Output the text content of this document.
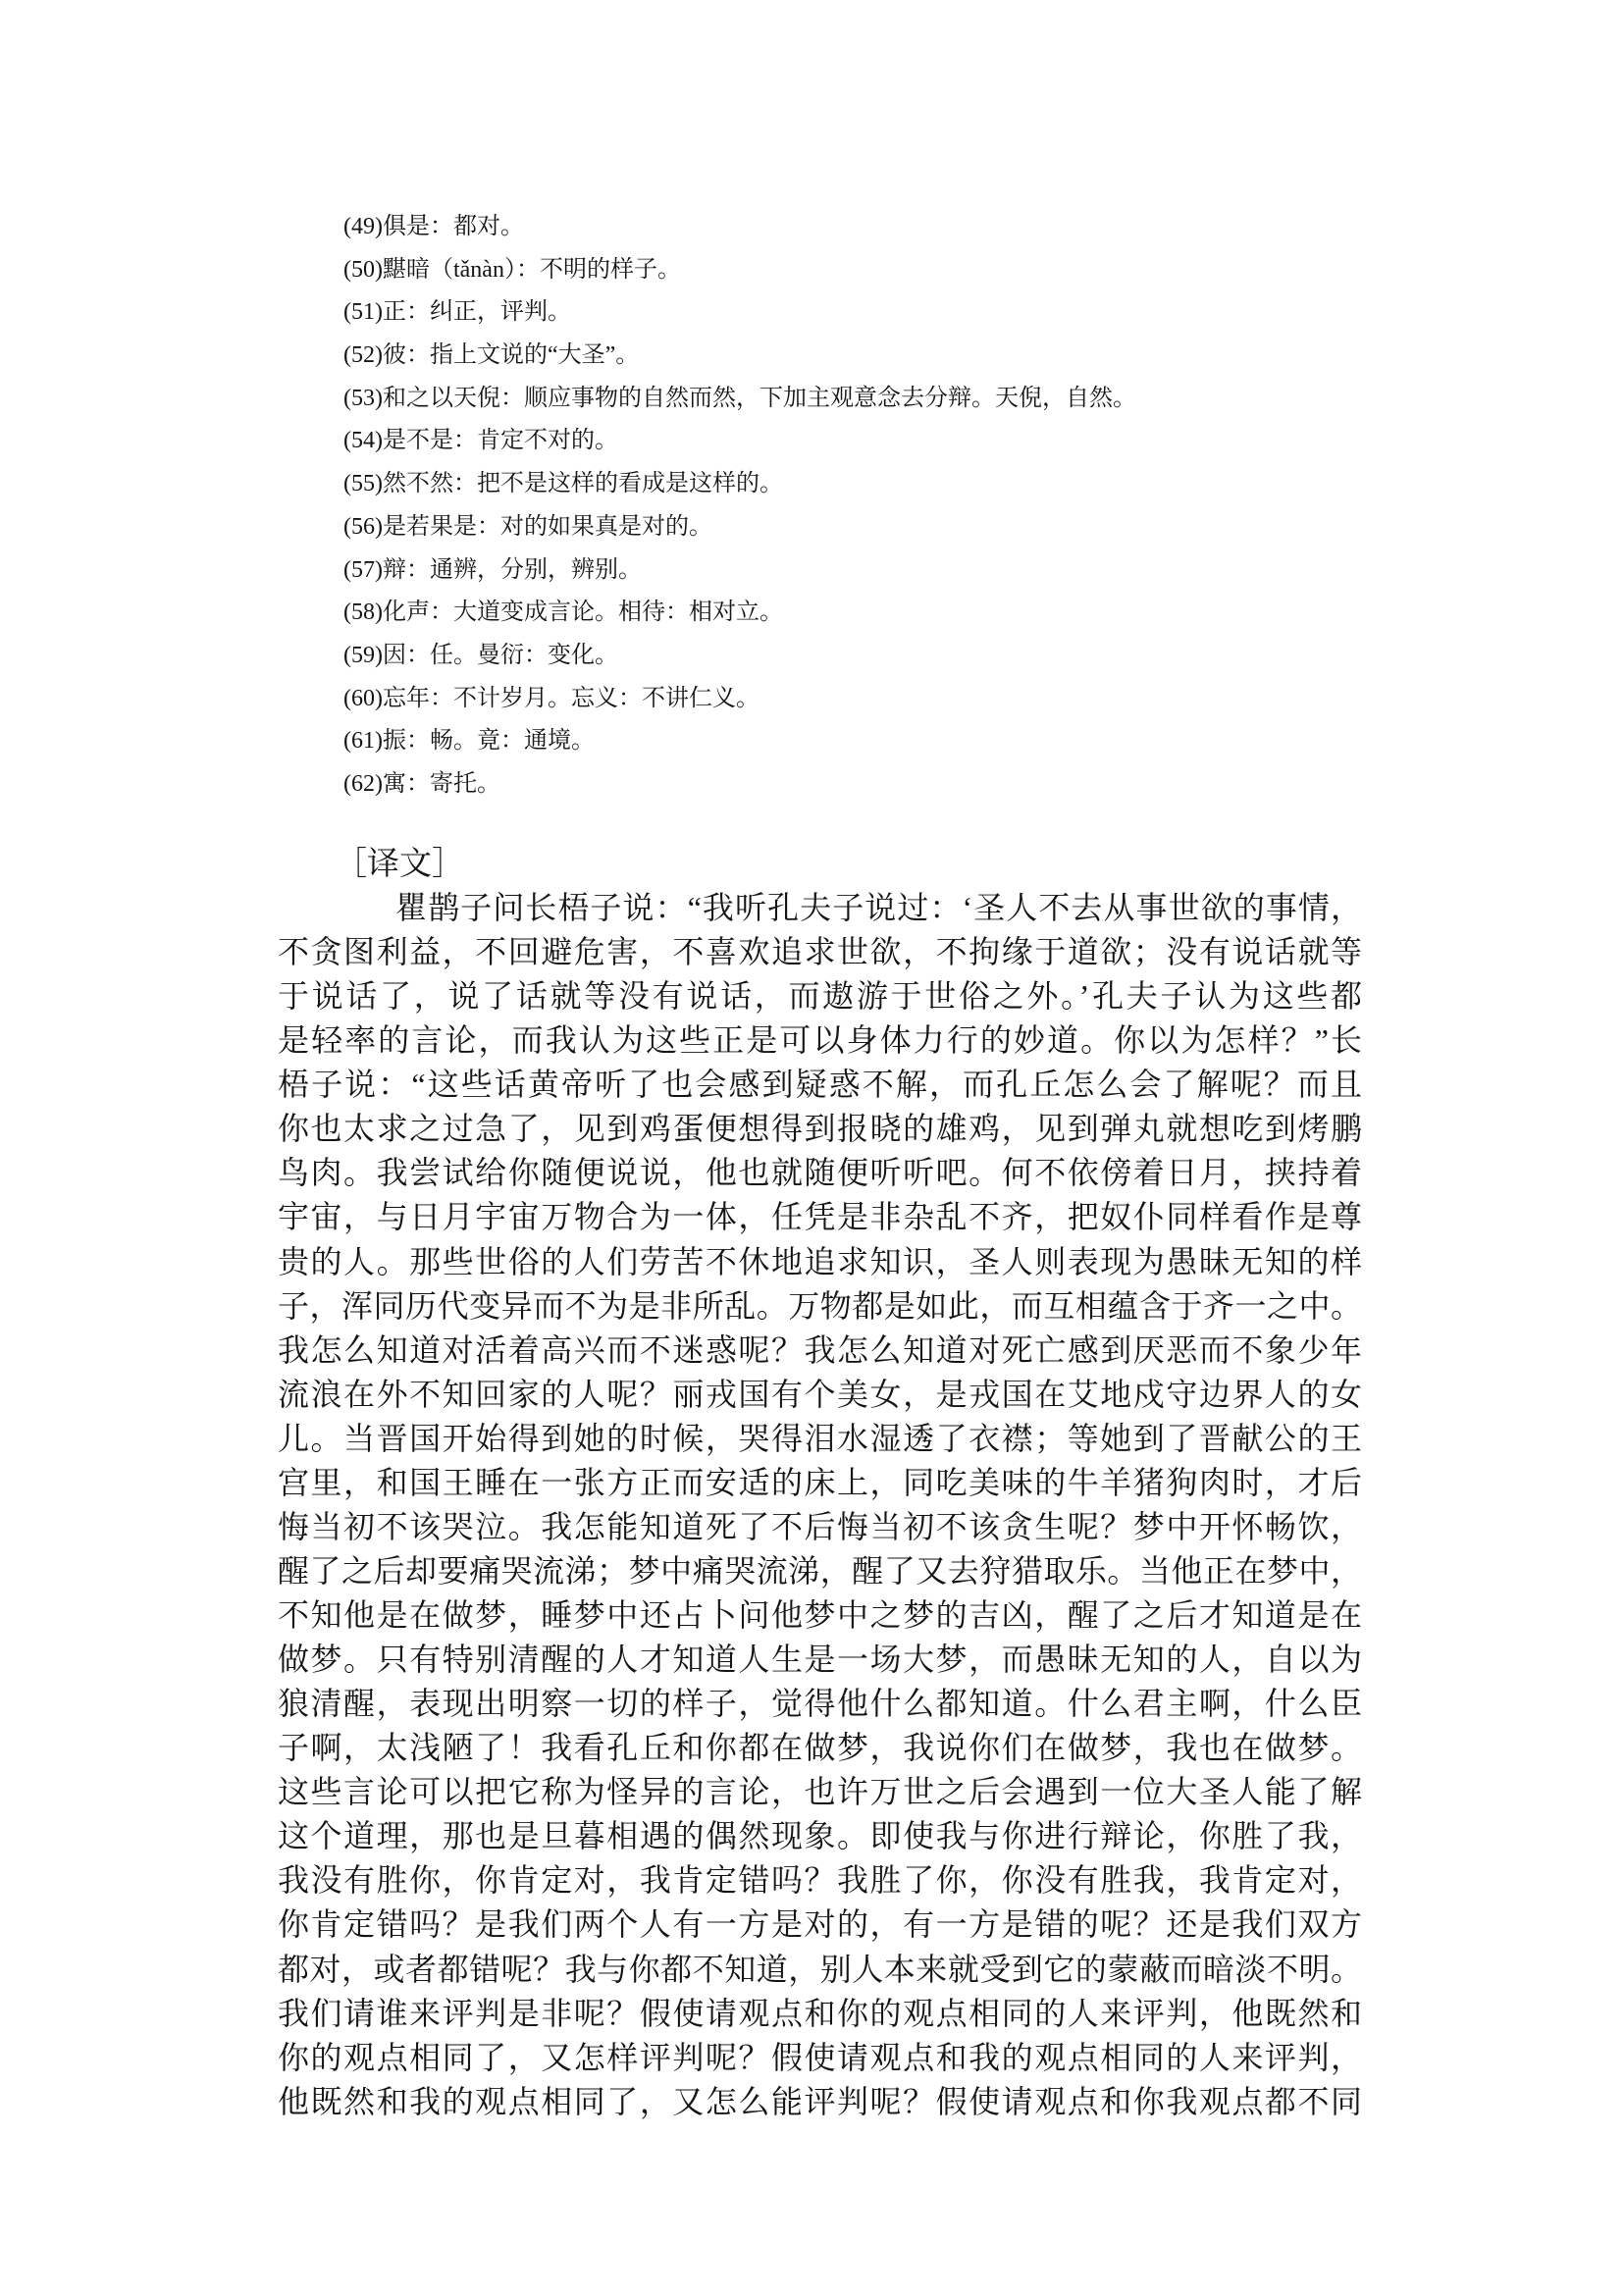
(49)俱是：都对。
(50)黮暗（tǎnàn）：不明的样子。
(51)正：纠正，评判。
(52)彼：指上文说的“大圣”。
(53)和之以天倪：顺应事物的自然而然，下加主观意念去分辩。天倪，自然。
(54)是不是：肯定不对的。
(55)然不然：把不是这样的看成是这样的。
(56)是若果是：对的如果真是对的。
(57)辩：通辨，分别，辨别。
(58)化声：大道变成言论。相待：相对立。
(59)因：任。曼衍：变化。
(60)忘年：不计岁月。忘义：不讲仁义。
(61)振：畅。竟：通境。
(62)寓：寄托。
［译文］
瞿鹊子问长梧子说：“我听孔夫子说过：‘圣人不去从事世欲的事情，
不贪图利益，不回避危害，不喜欢追求世欲，不拘缘于道欲；没有说话就等
于说话了，说了话就等没有说话，而遨游于世俗之外。’孔夫子认为这些都
是轻率的言论，而我认为这些正是可以身体力行的妙道。你以为怎样？”长
梧子说：“这些话黄帝听了也会感到疑惑不解，而孔丘怎么会了解呢？而且
你也太求之过急了，见到鸡蛋便想得到报晓的雄鸡，见到弹丸就想吃到烤鹏
鸟肉。我尝试给你随便说说，他也就随便听听吧。何不依傍着日月，挟持着
宇宙，与日月宇宙万物合为一体，任凭是非杂乱不齐，把奴仆同样看作是尊
贵的人。那些世俗的人们劳苦不休地追求知识，圣人则表现为愚昧无知的样
子，浑同历代变异而不为是非所乱。万物都是如此，而互相蕴含于齐一之中。
我怎么知道对活着高兴而不迷惑呢？我怎么知道对死亡感到厌恶而不象少年
流浪在外不知回家的人呢？丽戎国有个美女，是戎国在艾地戍守边界人的女
儿。当晋国开始得到她的时候，哭得泪水湿透了衣襟；等她到了晋献公的王
宫里，和国王睡在一张方正而安适的床上，同吃美味的牛羊猪狗肉时，才后
悔当初不该哭泣。我怎能知道死了不后悔当初不该贪生呢？梦中开怀畅饮，
醒了之后却要痛哭流涕；梦中痛哭流涕，醒了又去狩猎取乐。当他正在梦中，
不知他是在做梦，睡梦中还占卜问他梦中之梦的吉凶，醒了之后才知道是在
做梦。只有特别清醒的人才知道人生是一场大梦，而愚昧无知的人，自以为
狼清醒，表现出明察一切的样子，觉得他什么都知道。什么君主啊，什么臣
子啊，太浅陋了！我看孔丘和你都在做梦，我说你们在做梦，我也在做梦。
这些言论可以把它称为怪异的言论，也许万世之后会遇到一位大圣人能了解
这个道理，那也是旦暮相遇的偶然现象。即使我与你进行辩论，你胜了我，
我没有胜你，你肯定对，我肯定错吗？我胜了你，你没有胜我，我肯定对，
你肯定错吗？是我们两个人有一方是对的，有一方是错的呢？还是我们双方
都对，或者都错呢？我与你都不知道，别人本来就受到它的蒙蔽而暗淡不明。
我们请谁来评判是非呢？假使请观点和你的观点相同的人来评判，他既然和
你的观点相同了，又怎样评判呢？假使请观点和我的观点相同的人来评判，
他既然和我的观点相同了，又怎么能评判呢？假使请观点和你我观点都不同
